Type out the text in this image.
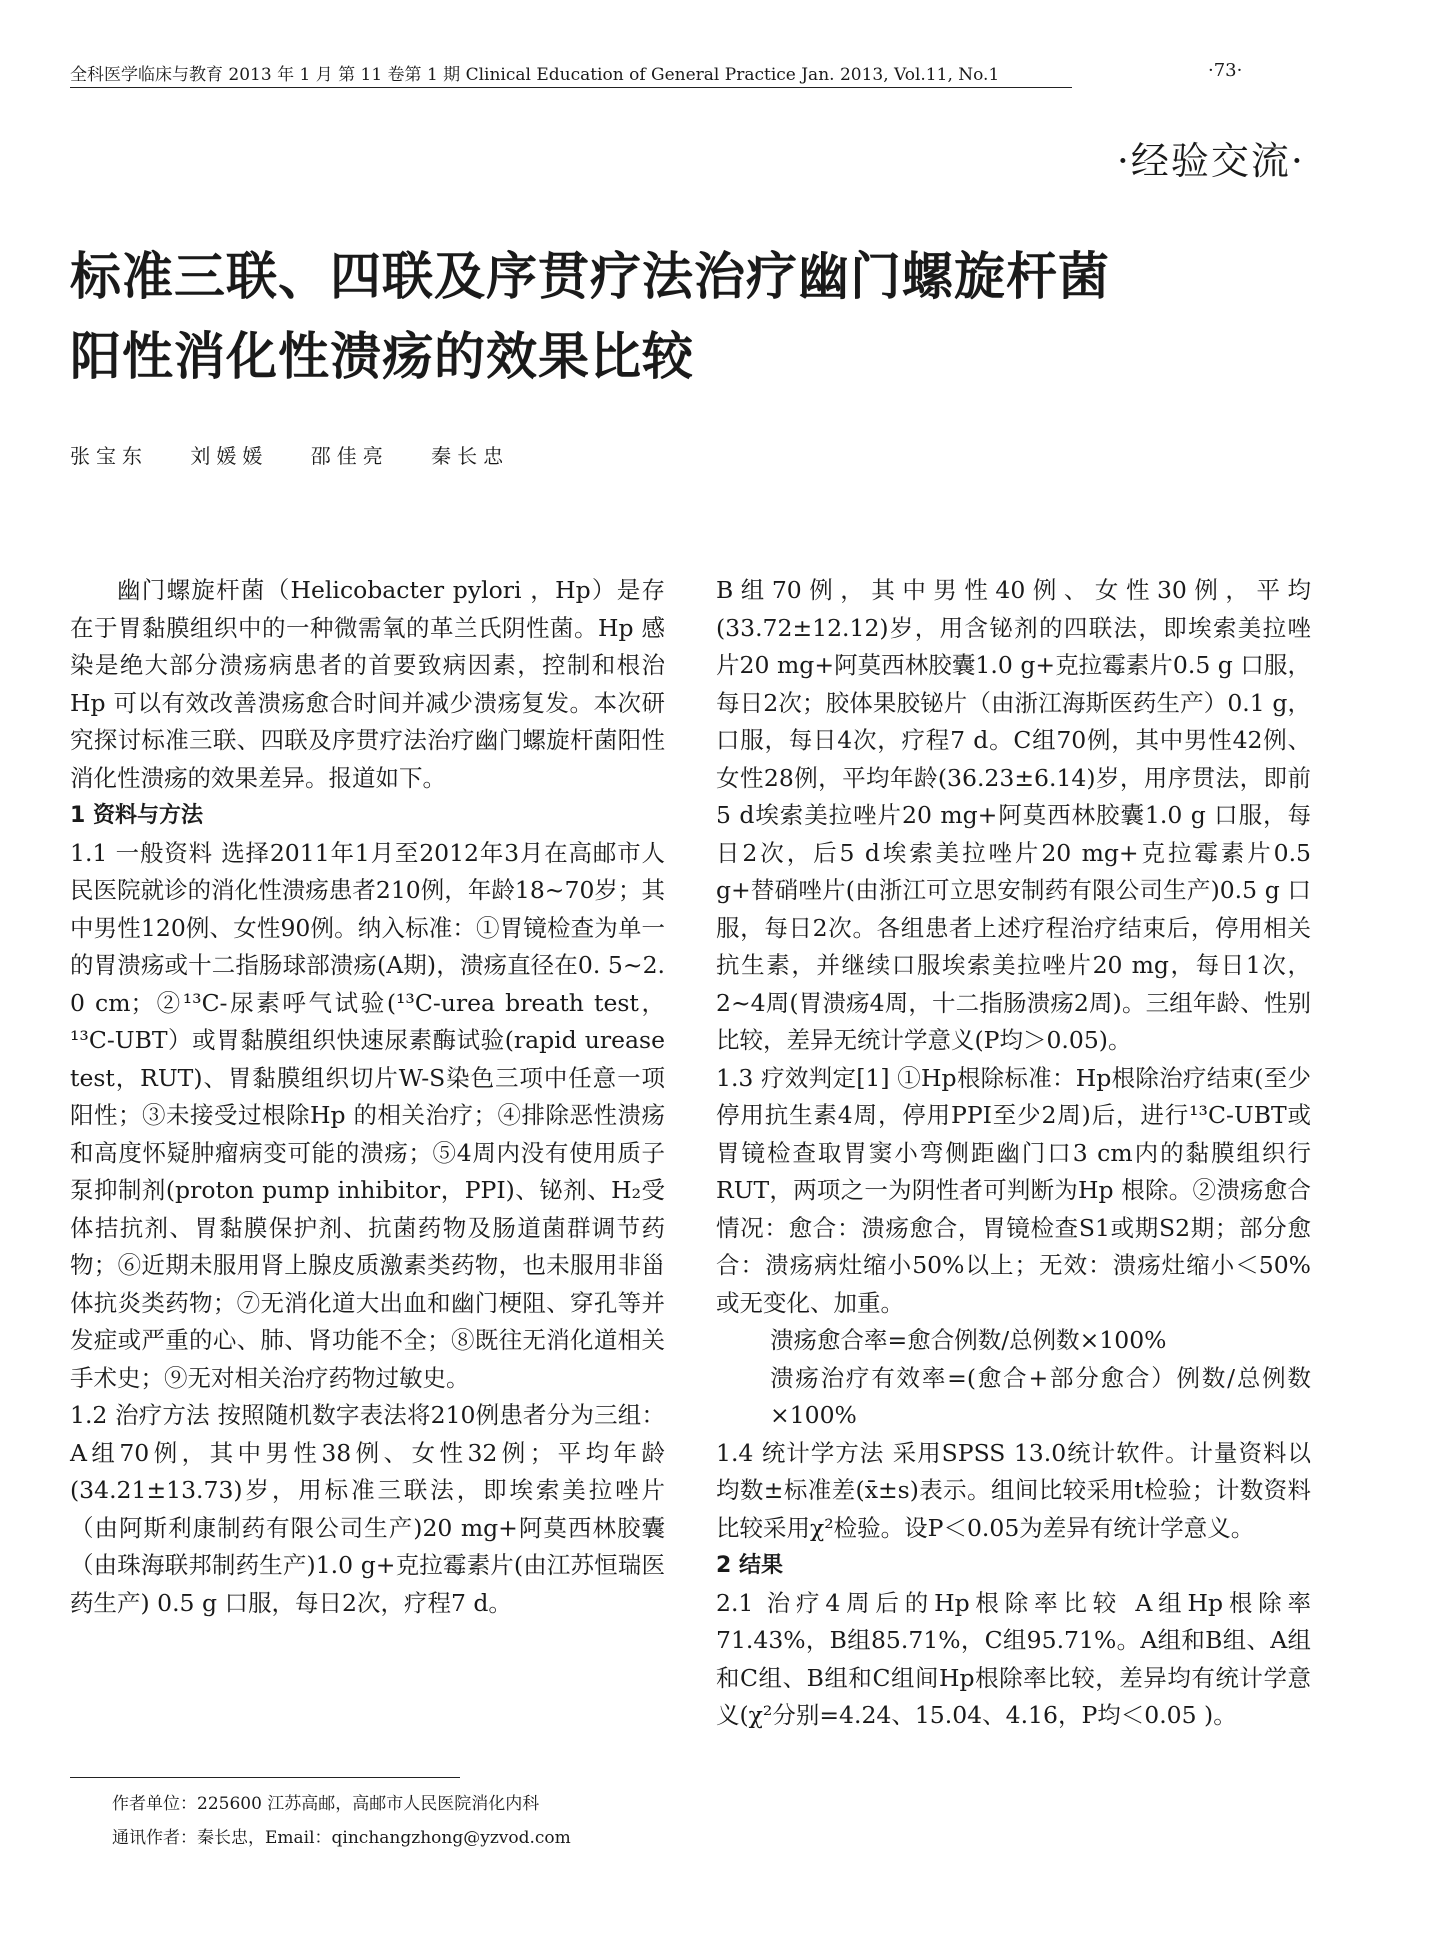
全科医学临床与教育 2013 年 1 月 第 11 卷第 1 期 Clinical Education of General Practice Jan. 2013, Vol.11, No.1	·73·
·经验交流·
标准三联、四联及序贯疗法治疗幽门螺旋杆菌
阳性消化性溃疡的效果比较
张宝东 刘媛媛 邵佳亮 秦长忠

幽门螺旋杆菌（Helicobacter pylori ，Hp）是存在于胃黏膜组织中的一种微需氧的革兰氏阴性菌。Hp 感染是绝大部分溃疡病患者的首要致病因素，控制和根治Hp 可以有效改善溃疡愈合时间并减少溃疡复发。本次研究探讨标准三联、四联及序贯疗法治疗幽门螺旋杆菌阳性消化性溃疡的效果差异。报道如下。

1 资料与方法

1.1 一般资料 选择2011年1月至2012年3月在高邮市人民医院就诊的消化性溃疡患者210例，年龄18~70岁；其中男性120例、女性90例。纳入标准：①胃镜检查为单一的胃溃疡或十二指肠球部溃疡(A期)，溃疡直径在0. 5~2. 0 cm；②¹³C-尿素呼气试验(¹³C-urea breath test，¹³C-UBT）或胃黏膜组织快速尿素酶试验(rapid urease test，RUT)、胃黏膜组织切片W-S染色三项中任意一项阳性；③未接受过根除Hp 的相关治疗；④排除恶性溃疡和高度怀疑肿瘤病变可能的溃疡；⑤4周内没有使用质子泵抑制剂(proton pump inhibitor，PPI)、铋剂、H₂受体拮抗剂、胃黏膜保护剂、抗菌药物及肠道菌群调节药物；⑥近期未服用肾上腺皮质激素类药物，也未服用非甾体抗炎类药物；⑦无消化道大出血和幽门梗阻、穿孔等并发症或严重的心、肺、肾功能不全；⑧既往无消化道相关手术史；⑨无对相关治疗药物过敏史。

1.2 治疗方法 按照随机数字表法将210例患者分为三组：A组70例，其中男性38例、女性32例；平均年龄(34.21±13.73)岁，用标准三联法，即埃索美拉唑片（由阿斯利康制药有限公司生产)20 mg+阿莫西林胶囊（由珠海联邦制药生产)1.0 g+克拉霉素片(由江苏恒瑞医药生产) 0.5 g 口服，每日2次，疗程7 d。

B组70例，其中男性40例、女性30例，平均(33.72±12.12)岁，用含铋剂的四联法，即埃索美拉唑片20 mg+阿莫西林胶囊1.0 g+克拉霉素片0.5 g 口服，每日2次；胶体果胶铋片（由浙江海斯医药生产）0.1 g，口服，每日4次，疗程7 d。C组70例，其中男性42例、女性28例，平均年龄(36.23±6.14)岁，用序贯法，即前5 d埃索美拉唑片20 mg+阿莫西林胶囊1.0 g 口服，每日2次，后5 d埃索美拉唑片20 mg+克拉霉素片0.5 g+替硝唑片(由浙江可立思安制药有限公司生产)0.5 g 口服，每日2次。各组患者上述疗程治疗结束后，停用相关抗生素，并继续口服埃索美拉唑片20 mg，每日1次，2~4周(胃溃疡4周，十二指肠溃疡2周)。三组年龄、性别比较，差异无统计学意义(P均＞0.05)。

1.3 疗效判定[1] ①Hp根除标准：Hp根除治疗结束(至少停用抗生素4周，停用PPI至少2周)后，进行¹³C-UBT或胃镜检查取胃窦小弯侧距幽门口3 cm内的黏膜组织行RUT，两项之一为阴性者可判断为Hp 根除。②溃疡愈合情况：愈合：溃疡愈合，胃镜检查S1或期S2期；部分愈合：溃疡病灶缩小50%以上；无效：溃疡灶缩小＜50%或无变化、加重。

溃疡愈合率=愈合例数/总例数×100%

溃疡治疗有效率=(愈合+部分愈合）例数/总例数×100%

1.4 统计学方法 采用SPSS 13.0统计软件。计量资料以均数±标准差(x̄±s)表示。组间比较采用t检验；计数资料比较采用χ²检验。设P＜0.05为差异有统计学意义。

2 结果

2.1 治疗4周后的Hp根除率比较 A组Hp根除率71.43%，B组85.71%，C组95.71%。A组和B组、A组和C组、B组和C组间Hp根除率比较，差异均有统计学意义(χ²分别=4.24、15.04、4.16，P均＜0.05 )。

作者单位：225600 江苏高邮，高邮市人民医院消化内科

通讯作者：秦长忠，Email：qinchangzhong@yzvod.com
